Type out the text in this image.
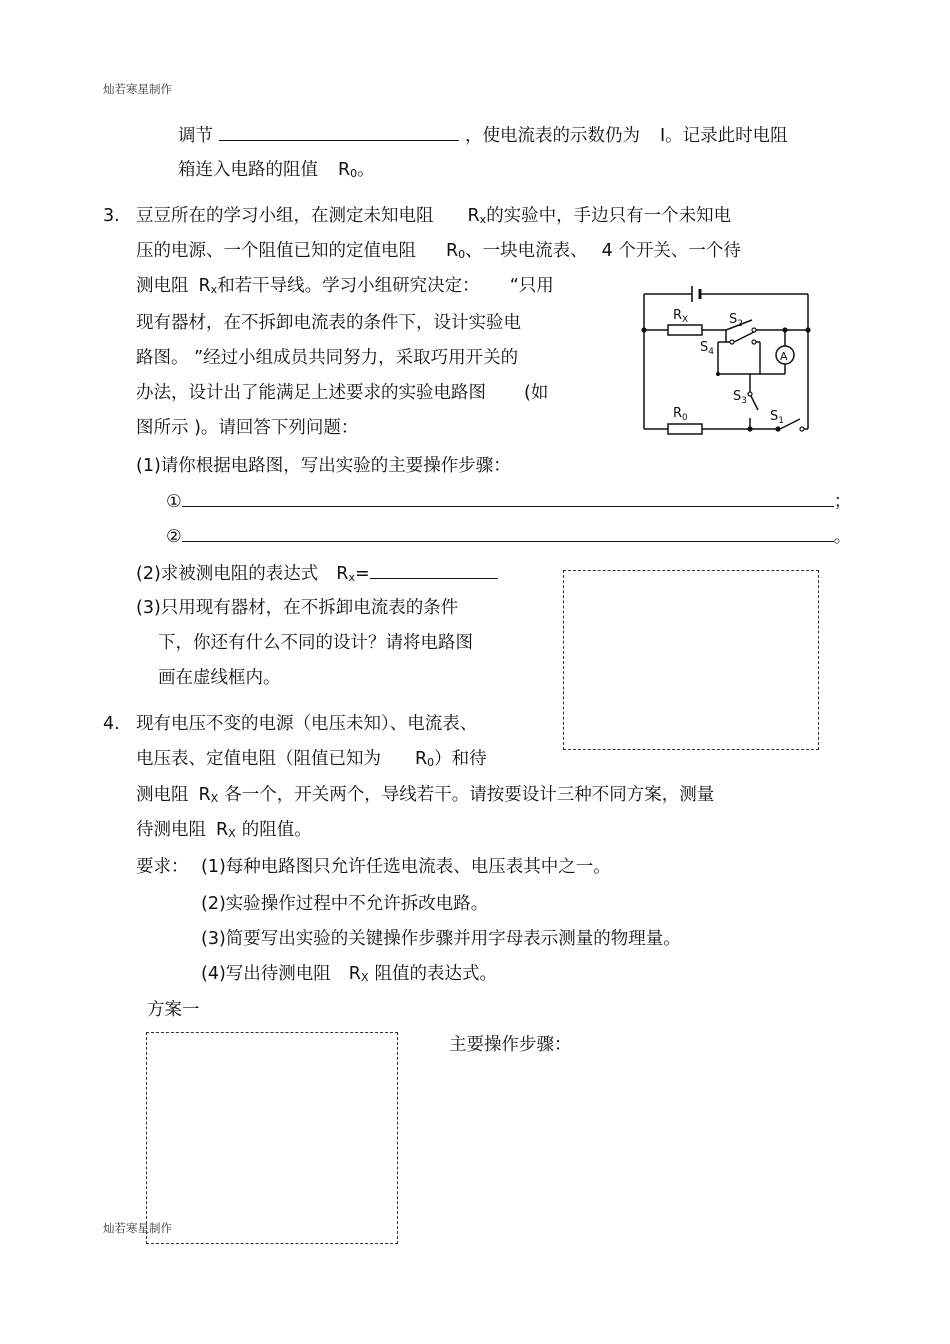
灿若寒星制作
调节	，使电流表的示数仍为 I。记录此时电阻
箱连入电路的阻值 $R_0$。
3. 豆豆所在的学习小组，在测定未知电阻 $R_x$的实验中，手边只有一个未知电
压的电源、一个阻值已知的定值电阻 $R_0$、一块电流表、 4 个开关、一个待
测电阻 $R_x$和若干导线。学习小组研究决定： “只用
现有器材，在不拆卸电流表的条件下，设计实验电
路图。 ”经过小组成员共同努力，采取巧用开关的
办法，设计出了能满足上述要求的实验电路图 (如
图所示 )。请回答下列问题：
$R_X$
$R_0$
$S_2$
$S_4$
$S_3$
$S_1$
A
(1)请你根据电路图，写出实验的主要操作步骤：
①	；
②	。
(2)求被测电阻的表达式 $R_x=$
(3)只用现有器材，在不拆卸电流表的条件
下，你还有什么不同的设计？请将电路图
画在虚线框内。
4. 现有电压不变的电源（电压未知）、电流表、
电压表、定值电阻（阻值已知为 $R_0$）和待
测电阻 $R_X$ 各一个，开关两个，导线若干。请按要设计三种不同方案，测量
待测电阻 $R_X$ 的阻值。
要求： (1)每种电路图只允许任选电流表、电压表其中之一。
(2)实验操作过程中不允许拆改电路。
(3)简要写出实验的关键操作步骤并用字母表示测量的物理量。
(4)写出待测电阻 $R_X$ 阻值的表达式。
方案一
主要操作步骤：
灿若寒星制作
